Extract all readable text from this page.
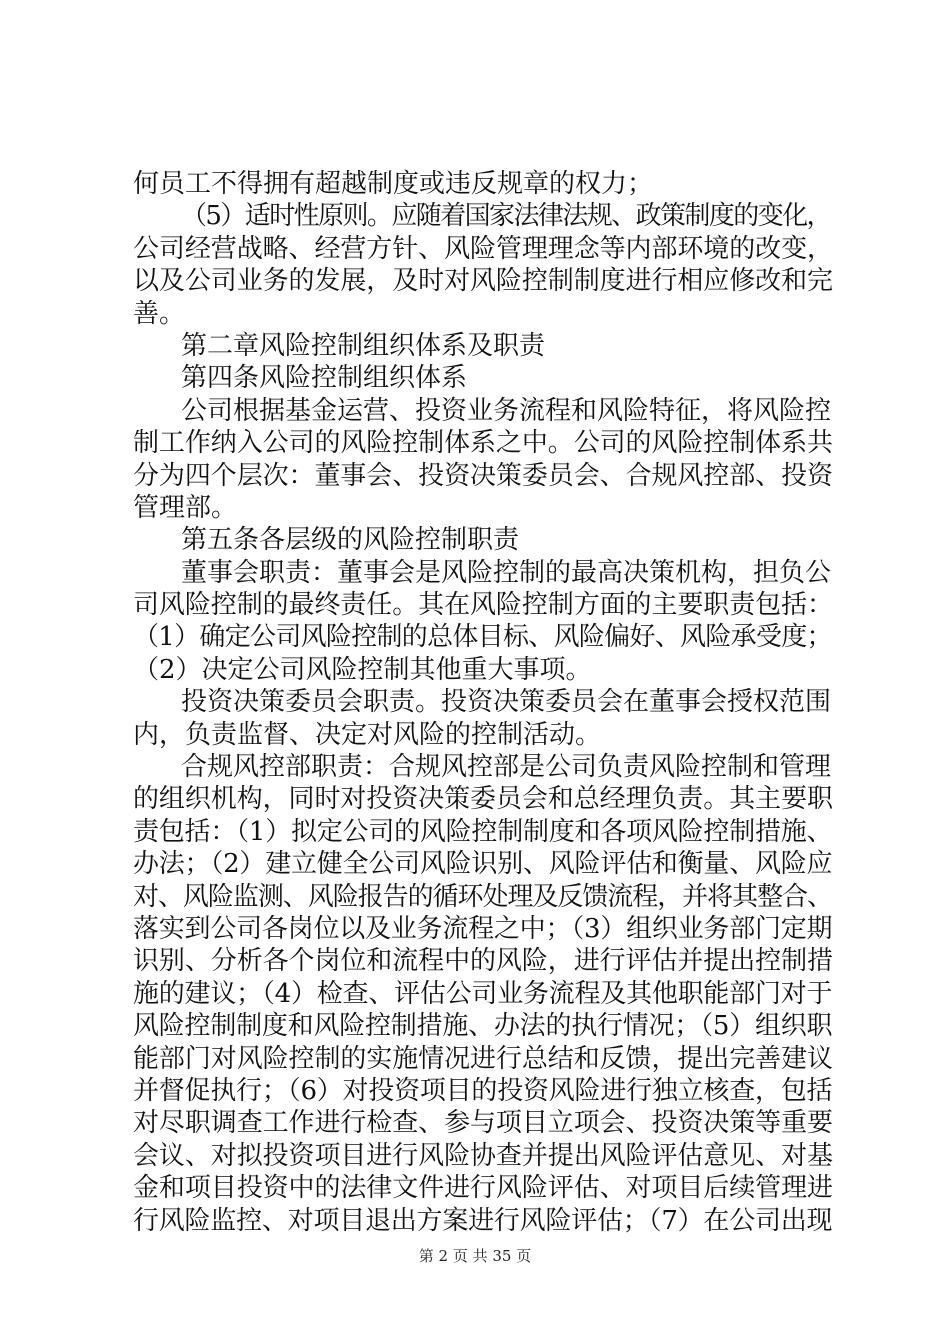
何员工不得拥有超越制度或违反规章的权力；
（5）适时性原则。应随着国家法律法规、政策制度的变化，
公司经营战略、经营方针、风险管理理念等内部环境的改变，
以及公司业务的发展，及时对风险控制制度进行相应修改和完
善。
第二章风险控制组织体系及职责
第四条风险控制组织体系
公司根据基金运营、投资业务流程和风险特征，将风险控
制工作纳入公司的风险控制体系之中。公司的风险控制体系共
分为四个层次：董事会、投资决策委员会、合规风控部、投资
管理部。
第五条各层级的风险控制职责
董事会职责：董事会是风险控制的最高决策机构，担负公
司风险控制的最终责任。其在风险控制方面的主要职责包括：
（1）确定公司风险控制的总体目标、风险偏好、风险承受度；
（2）决定公司风险控制其他重大事项。
投资决策委员会职责。投资决策委员会在董事会授权范围
内，负责监督、决定对风险的控制活动。
合规风控部职责：合规风控部是公司负责风险控制和管理
的组织机构，同时对投资决策委员会和总经理负责。其主要职
责包括：（1）拟定公司的风险控制制度和各项风险控制措施、
办法；（2）建立健全公司风险识别、风险评估和衡量、风险应
对、风险监测、风险报告的循环处理及反馈流程，并将其整合、
落实到公司各岗位以及业务流程之中；（3）组织业务部门定期
识别、分析各个岗位和流程中的风险，进行评估并提出控制措
施的建议；（4）检查、评估公司业务流程及其他职能部门对于
风险控制制度和风险控制措施、办法的执行情况；（5）组织职
能部门对风险控制的实施情况进行总结和反馈，提出完善建议
并督促执行；（6）对投资项目的投资风险进行独立核查，包括
对尽职调查工作进行检查、参与项目立项会、投资决策等重要
会议、对拟投资项目进行风险协查并提出风险评估意见、对基
金和项目投资中的法律文件进行风险评估、对项目后续管理进
行风险监控、对项目退出方案进行风险评估；（7）在公司出现
第 2 页 共 35 页
